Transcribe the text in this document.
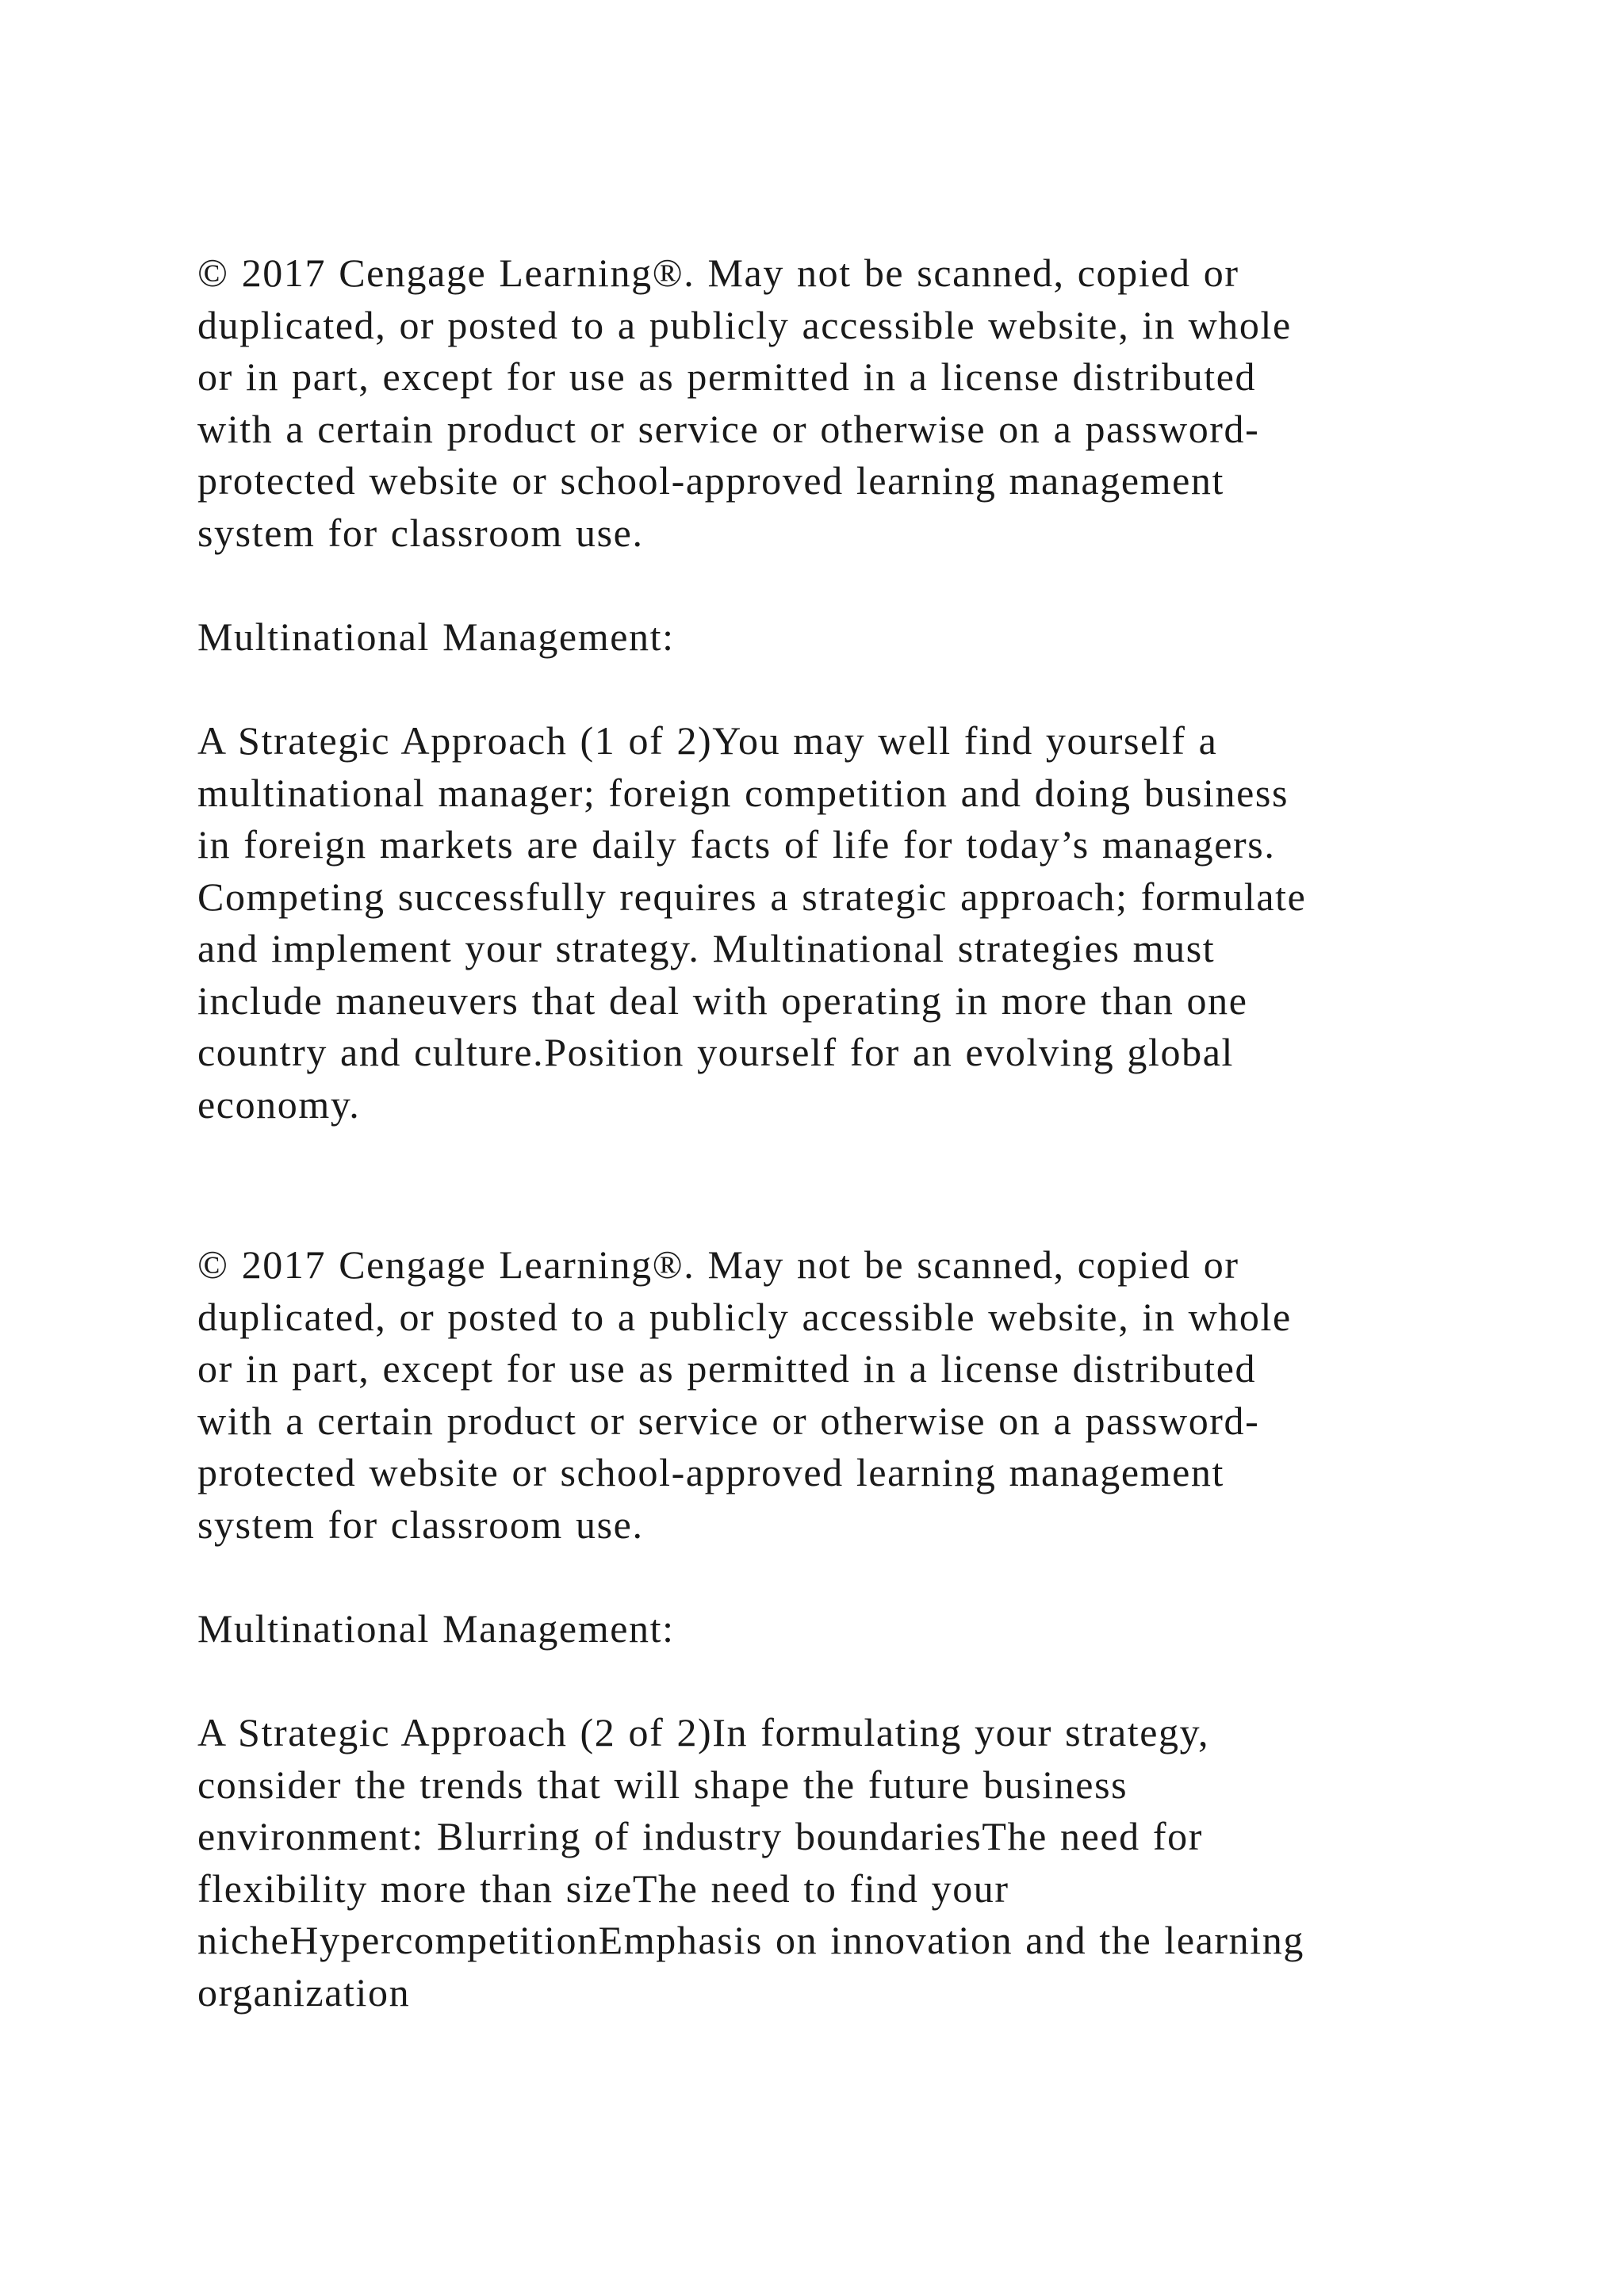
© 2017 Cengage Learning®. May not be scanned, copied or
duplicated, or posted to a publicly accessible website, in whole
or in part, except for use as permitted in a license distributed
with a certain product or service or otherwise on a password-
protected website or school-approved learning management
system for classroom use.
Multinational Management:
A Strategic Approach (1 of 2)You may well find yourself a
multinational manager; foreign competition and doing business
in foreign markets are daily facts of life for today’s managers.
Competing successfully requires a strategic approach; formulate
and implement your strategy. Multinational strategies must
include maneuvers that deal with operating in more than one
country and culture.Position yourself for an evolving global
economy.
© 2017 Cengage Learning®. May not be scanned, copied or
duplicated, or posted to a publicly accessible website, in whole
or in part, except for use as permitted in a license distributed
with a certain product or service or otherwise on a password-
protected website or school-approved learning management
system for classroom use.
Multinational Management:
A Strategic Approach (2 of 2)In formulating your strategy,
consider the trends that will shape the future business
environment: Blurring of industry boundariesThe need for
flexibility more than sizeThe need to find your
nicheHypercompetitionEmphasis on innovation and the learning
organization
